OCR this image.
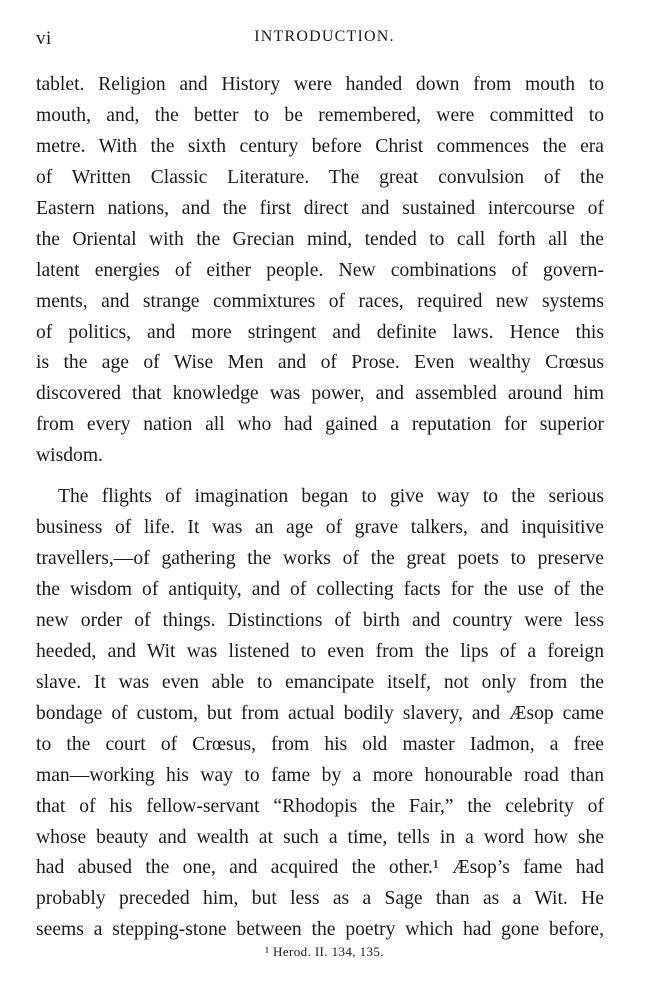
vi	INTRODUCTION.
tablet. Religion and History were handed down from mouth to
mouth, and, the better to be remembered, were committed to
metre. With the sixth century before Christ commences the era
of Written Classic Literature. The great convulsion of the
Eastern nations, and the first direct and sustained intercourse of
the Oriental with the Grecian mind, tended to call forth all the
latent energies of either people. New combinations of govern-
ments, and strange commixtures of races, required new systems
of politics, and more stringent and definite laws. Hence this
is the age of Wise Men and of Prose. Even wealthy Crœsus
discovered that knowledge was power, and assembled around him
from every nation all who had gained a reputation for superior
wisdom.
The flights of imagination began to give way to the serious
business of life. It was an age of grave talkers, and inquisitive
travellers,—of gathering the works of the great poets to preserve
the wisdom of antiquity, and of collecting facts for the use of the
new order of things. Distinctions of birth and country were less
heeded, and Wit was listened to even from the lips of a foreign
slave. It was even able to emancipate itself, not only from the
bondage of custom, but from actual bodily slavery, and Æsop came
to the court of Crœsus, from his old master Iadmon, a free
man—working his way to fame by a more honourable road than
that of his fellow-servant “Rhodopis the Fair,” the celebrity of
whose beauty and wealth at such a time, tells in a word how she
had abused the one, and acquired the other.¹ Æsop’s fame had
probably preceded him, but less as a Sage than as a Wit. He
seems a stepping-stone between the poetry which had gone before,
¹ Herod. II. 134, 135.
